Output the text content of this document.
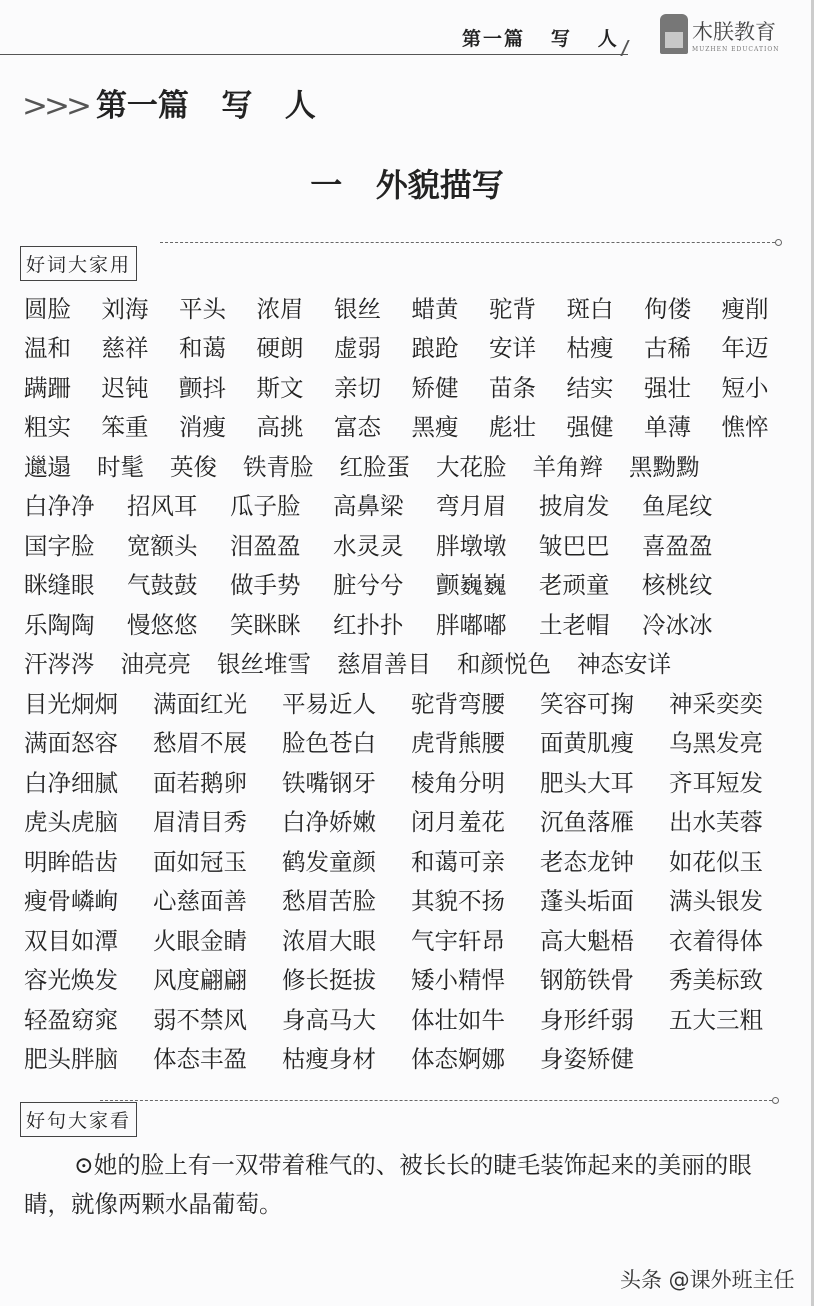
第一篇   写   人	木朕教育
MUZHEN EDUCATION
>>> 第一篇   写   人
一   外貌描写
好词大家用
圆脸	刘海	平头	浓眉	银丝	蜡黄	驼背	斑白	佝偻	瘦削
温和	慈祥	和蔼	硬朗	虚弱	踉跄	安详	枯瘦	古稀	年迈
蹒跚	迟钝	颤抖	斯文	亲切	矫健	苗条	结实	强壮	短小
粗实	笨重	消瘦	高挑	富态	黑瘦	彪壮	强健	单薄	憔悴
邋遢 时髦 英俊 铁青脸 红脸蛋 大花脸 羊角辫 黑黝黝
白净净	招风耳	瓜子脸	高鼻梁	弯月眉	披肩发	鱼尾纹
国字脸	宽额头	泪盈盈	水灵灵	胖墩墩	皱巴巴	喜盈盈
眯缝眼	气鼓鼓	做手势	脏兮兮	颤巍巍	老顽童	核桃纹
乐陶陶	慢悠悠	笑眯眯	红扑扑	胖嘟嘟	土老帽	冷冰冰
汗涔涔 油亮亮 银丝堆雪 慈眉善目 和颜悦色 神态安详
目光炯炯	满面红光	平易近人	驼背弯腰	笑容可掬	神采奕奕
满面怒容	愁眉不展	脸色苍白	虎背熊腰	面黄肌瘦	乌黑发亮
白净细腻	面若鹅卵	铁嘴钢牙	棱角分明	肥头大耳	齐耳短发
虎头虎脑	眉清目秀	白净娇嫩	闭月羞花	沉鱼落雁	出水芙蓉
明眸皓齿	面如冠玉	鹤发童颜	和蔼可亲	老态龙钟	如花似玉
瘦骨嶙峋	心慈面善	愁眉苦脸	其貌不扬	蓬头垢面	满头银发
双目如潭	火眼金睛	浓眉大眼	气宇轩昂	高大魁梧	衣着得体
容光焕发	风度翩翩	修长挺拔	矮小精悍	钢筋铁骨	秀美标致
轻盈窈窕	弱不禁风	身高马大	体壮如牛	身形纤弱	五大三粗
肥头胖脑	体态丰盈	枯瘦身材	体态婀娜	身姿矫健
好句大家看
⊙她的脸上有一双带着稚气的、被长长的睫毛装饰起来的美丽的眼睛，就像两颗水晶葡萄。
头条 @课外班主任
